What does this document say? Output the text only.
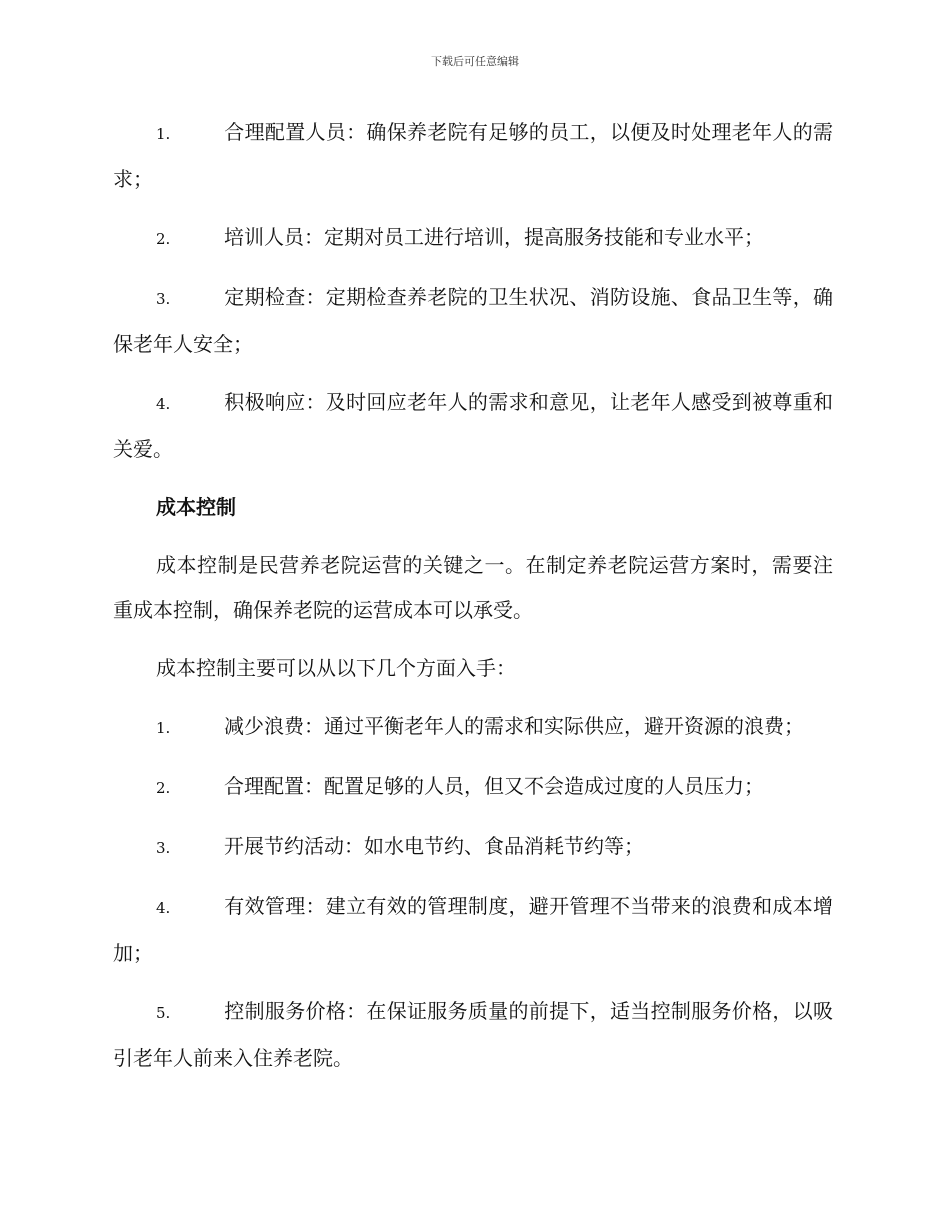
下载后可任意编辑
1.	合理配置人员：确保养老院有足够的员工，以便及时处理老年人的需求；
2.	培训人员：定期对员工进行培训，提高服务技能和专业水平；
3.	定期检查：定期检查养老院的卫生状况、消防设施、食品卫生等，确保老年人安全；
4.	积极响应：及时回应老年人的需求和意见，让老年人感受到被尊重和关爱。
成本控制
成本控制是民营养老院运营的关键之一。在制定养老院运营方案时，需要注重成本控制，确保养老院的运营成本可以承受。
成本控制主要可以从以下几个方面入手：
1.	减少浪费：通过平衡老年人的需求和实际供应，避开资源的浪费；
2.	合理配置：配置足够的人员，但又不会造成过度的人员压力；
3.	开展节约活动：如水电节约、食品消耗节约等；
4.	有效管理：建立有效的管理制度，避开管理不当带来的浪费和成本增加；
5.	控制服务价格：在保证服务质量的前提下，适当控制服务价格，以吸引老年人前来入住养老院。
